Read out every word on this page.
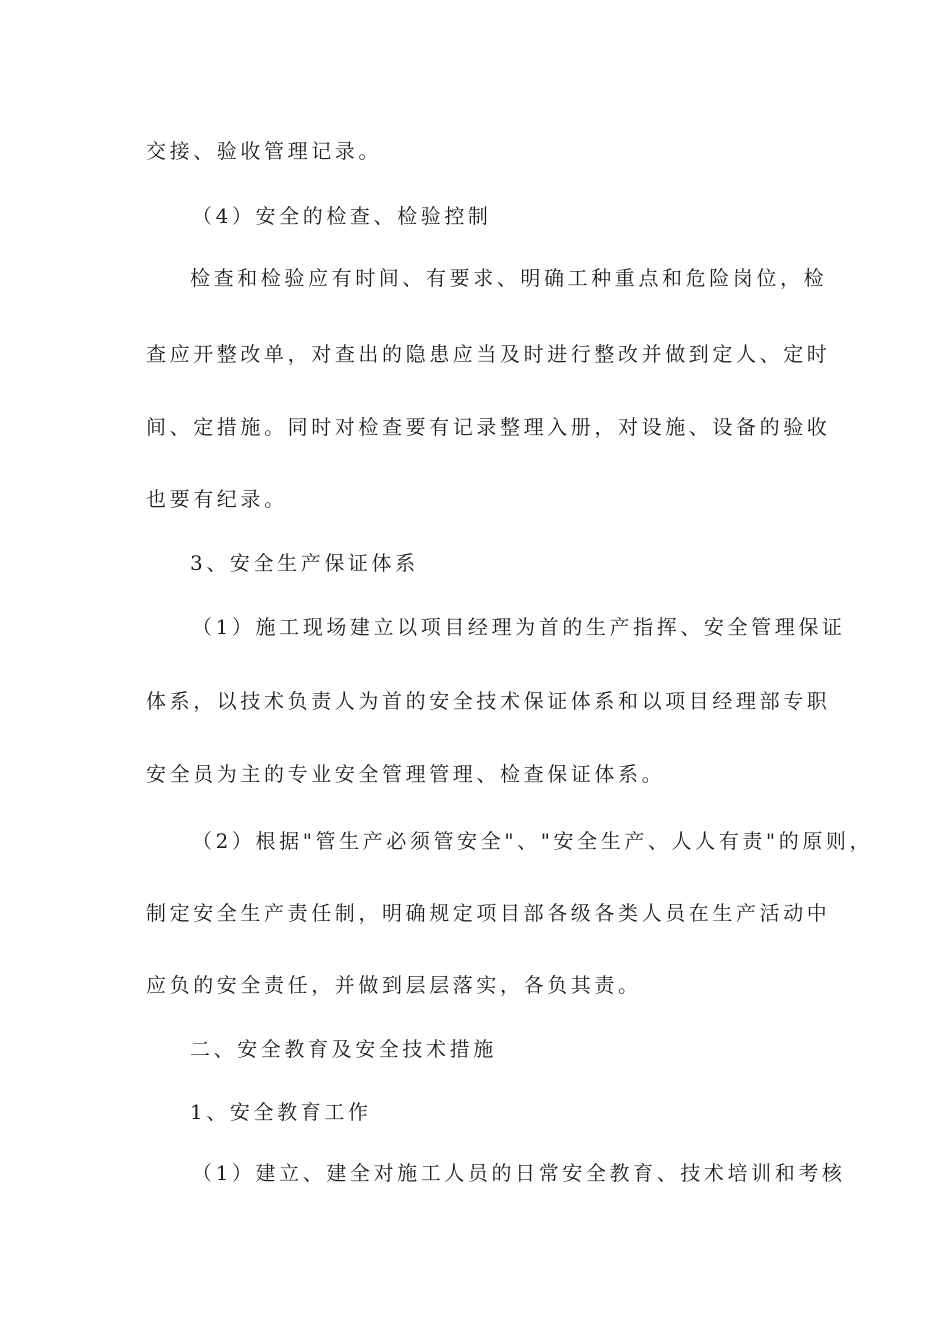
交接、验收管理记录。
（4）安全的检查、检验控制
检查和检验应有时间、有要求、明确工种重点和危险岗位，检
查应开整改单，对查出的隐患应当及时进行整改并做到定人、定时
间、定措施。同时对检查要有记录整理入册，对设施、设备的验收
也要有纪录。
3、安全生产保证体系
（1）施工现场建立以项目经理为首的生产指挥、安全管理保证
体系，以技术负责人为首的安全技术保证体系和以项目经理部专职
安全员为主的专业安全管理管理、检查保证体系。
（2）根据"管生产必须管安全"、"安全生产、人人有责"的原则，
制定安全生产责任制，明确规定项目部各级各类人员在生产活动中
应负的安全责任，并做到层层落实，各负其责。
二、安全教育及安全技术措施
1、安全教育工作
（1）建立、建全对施工人员的日常安全教育、技术培训和考核
